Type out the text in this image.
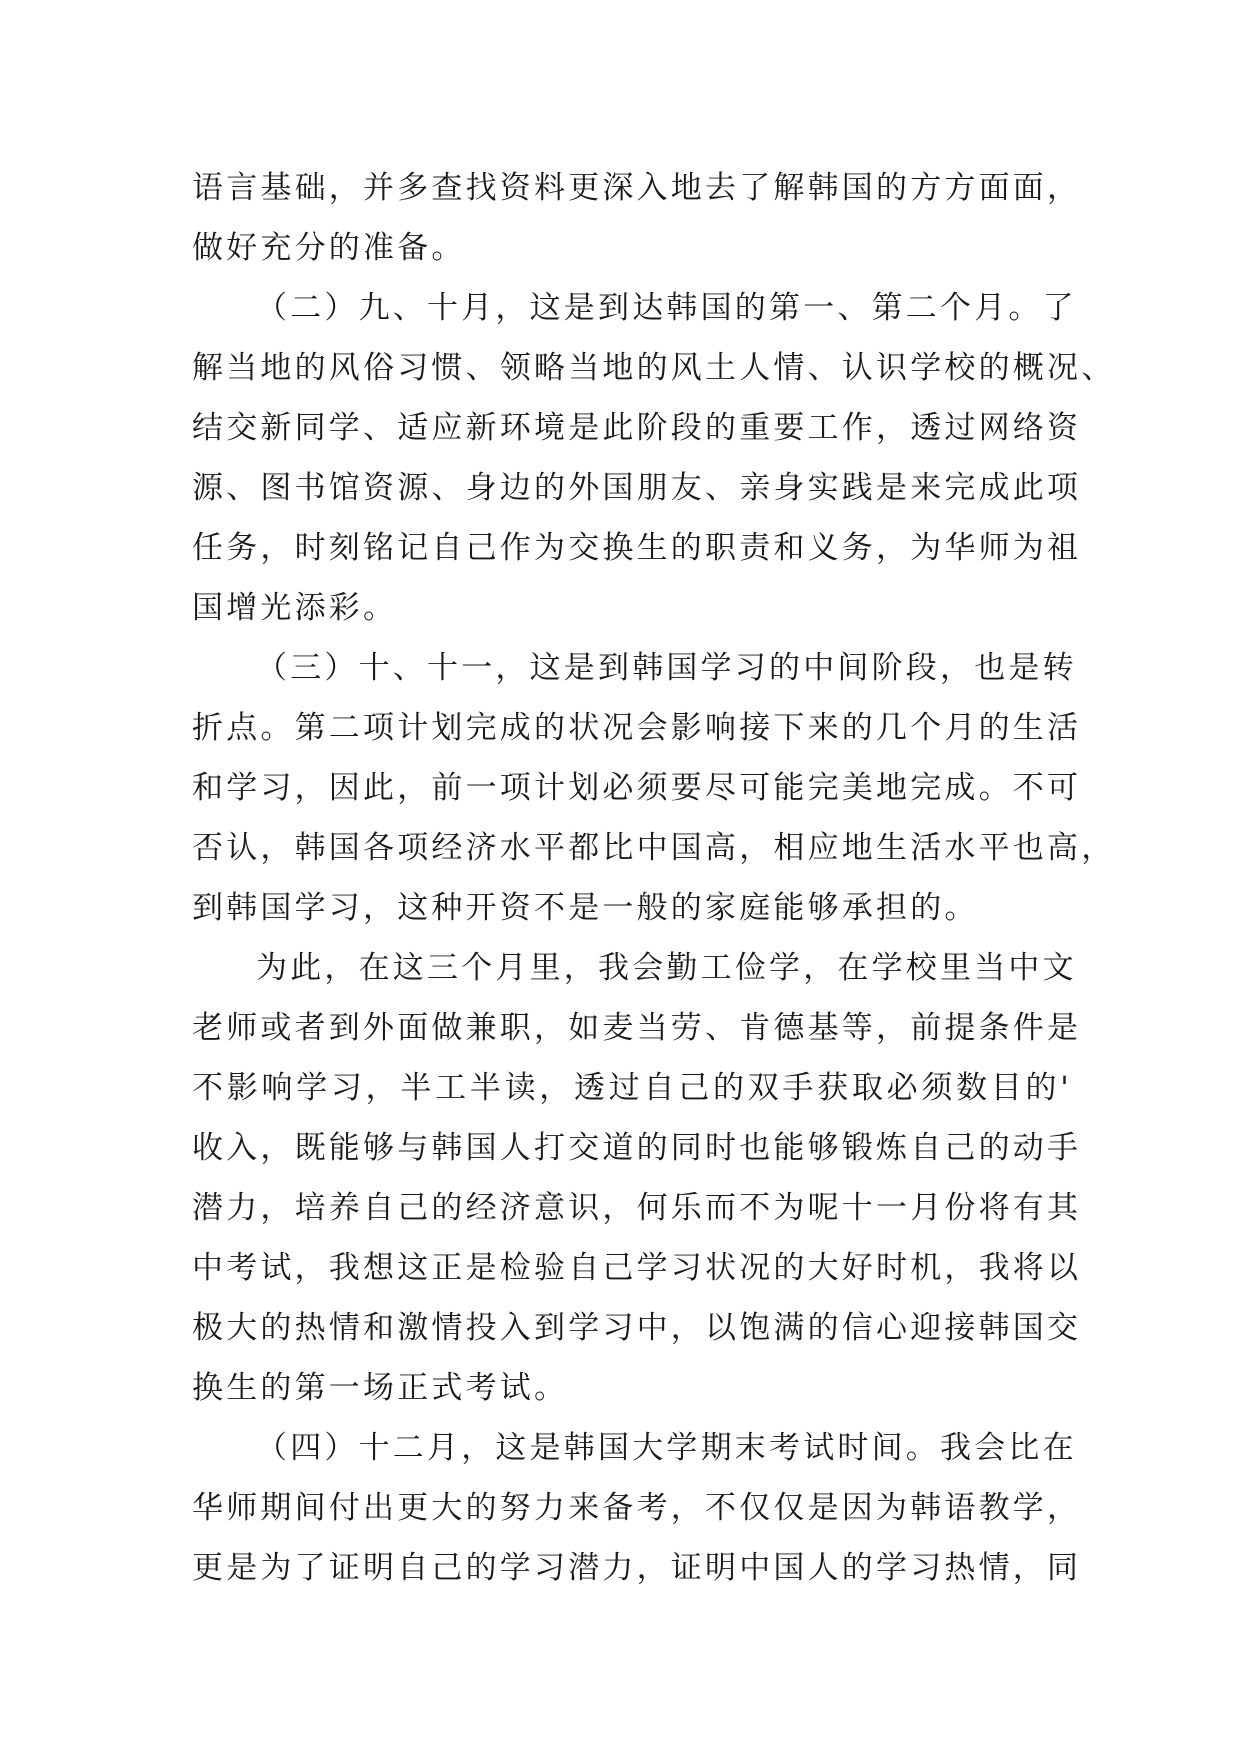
语言基础，并多查找资料更深入地去了解韩国的方方面面，
做好充分的准备。
（二）九、十月，这是到达韩国的第一、第二个月。了
解当地的风俗习惯、领略当地的风土人情、认识学校的概况、
结交新同学、适应新环境是此阶段的重要工作，透过网络资
源、图书馆资源、身边的外国朋友、亲身实践是来完成此项
任务，时刻铭记自己作为交换生的职责和义务，为华师为祖
国增光添彩。
（三）十、十一，这是到韩国学习的中间阶段，也是转
折点。第二项计划完成的状况会影响接下来的几个月的生活
和学习，因此，前一项计划必须要尽可能完美地完成。不可
否认，韩国各项经济水平都比中国高，相应地生活水平也高，
到韩国学习，这种开资不是一般的家庭能够承担的。
为此，在这三个月里，我会勤工俭学，在学校里当中文
老师或者到外面做兼职，如麦当劳、肯德基等，前提条件是
不影响学习，半工半读，透过自己的双手获取必须数目的'
收入，既能够与韩国人打交道的同时也能够锻炼自己的动手
潜力，培养自己的经济意识，何乐而不为呢十一月份将有其
中考试，我想这正是检验自己学习状况的大好时机，我将以
极大的热情和激情投入到学习中，以饱满的信心迎接韩国交
换生的第一场正式考试。
（四）十二月，这是韩国大学期末考试时间。我会比在
华师期间付出更大的努力来备考，不仅仅是因为韩语教学，
更是为了证明自己的学习潜力，证明中国人的学习热情，同
